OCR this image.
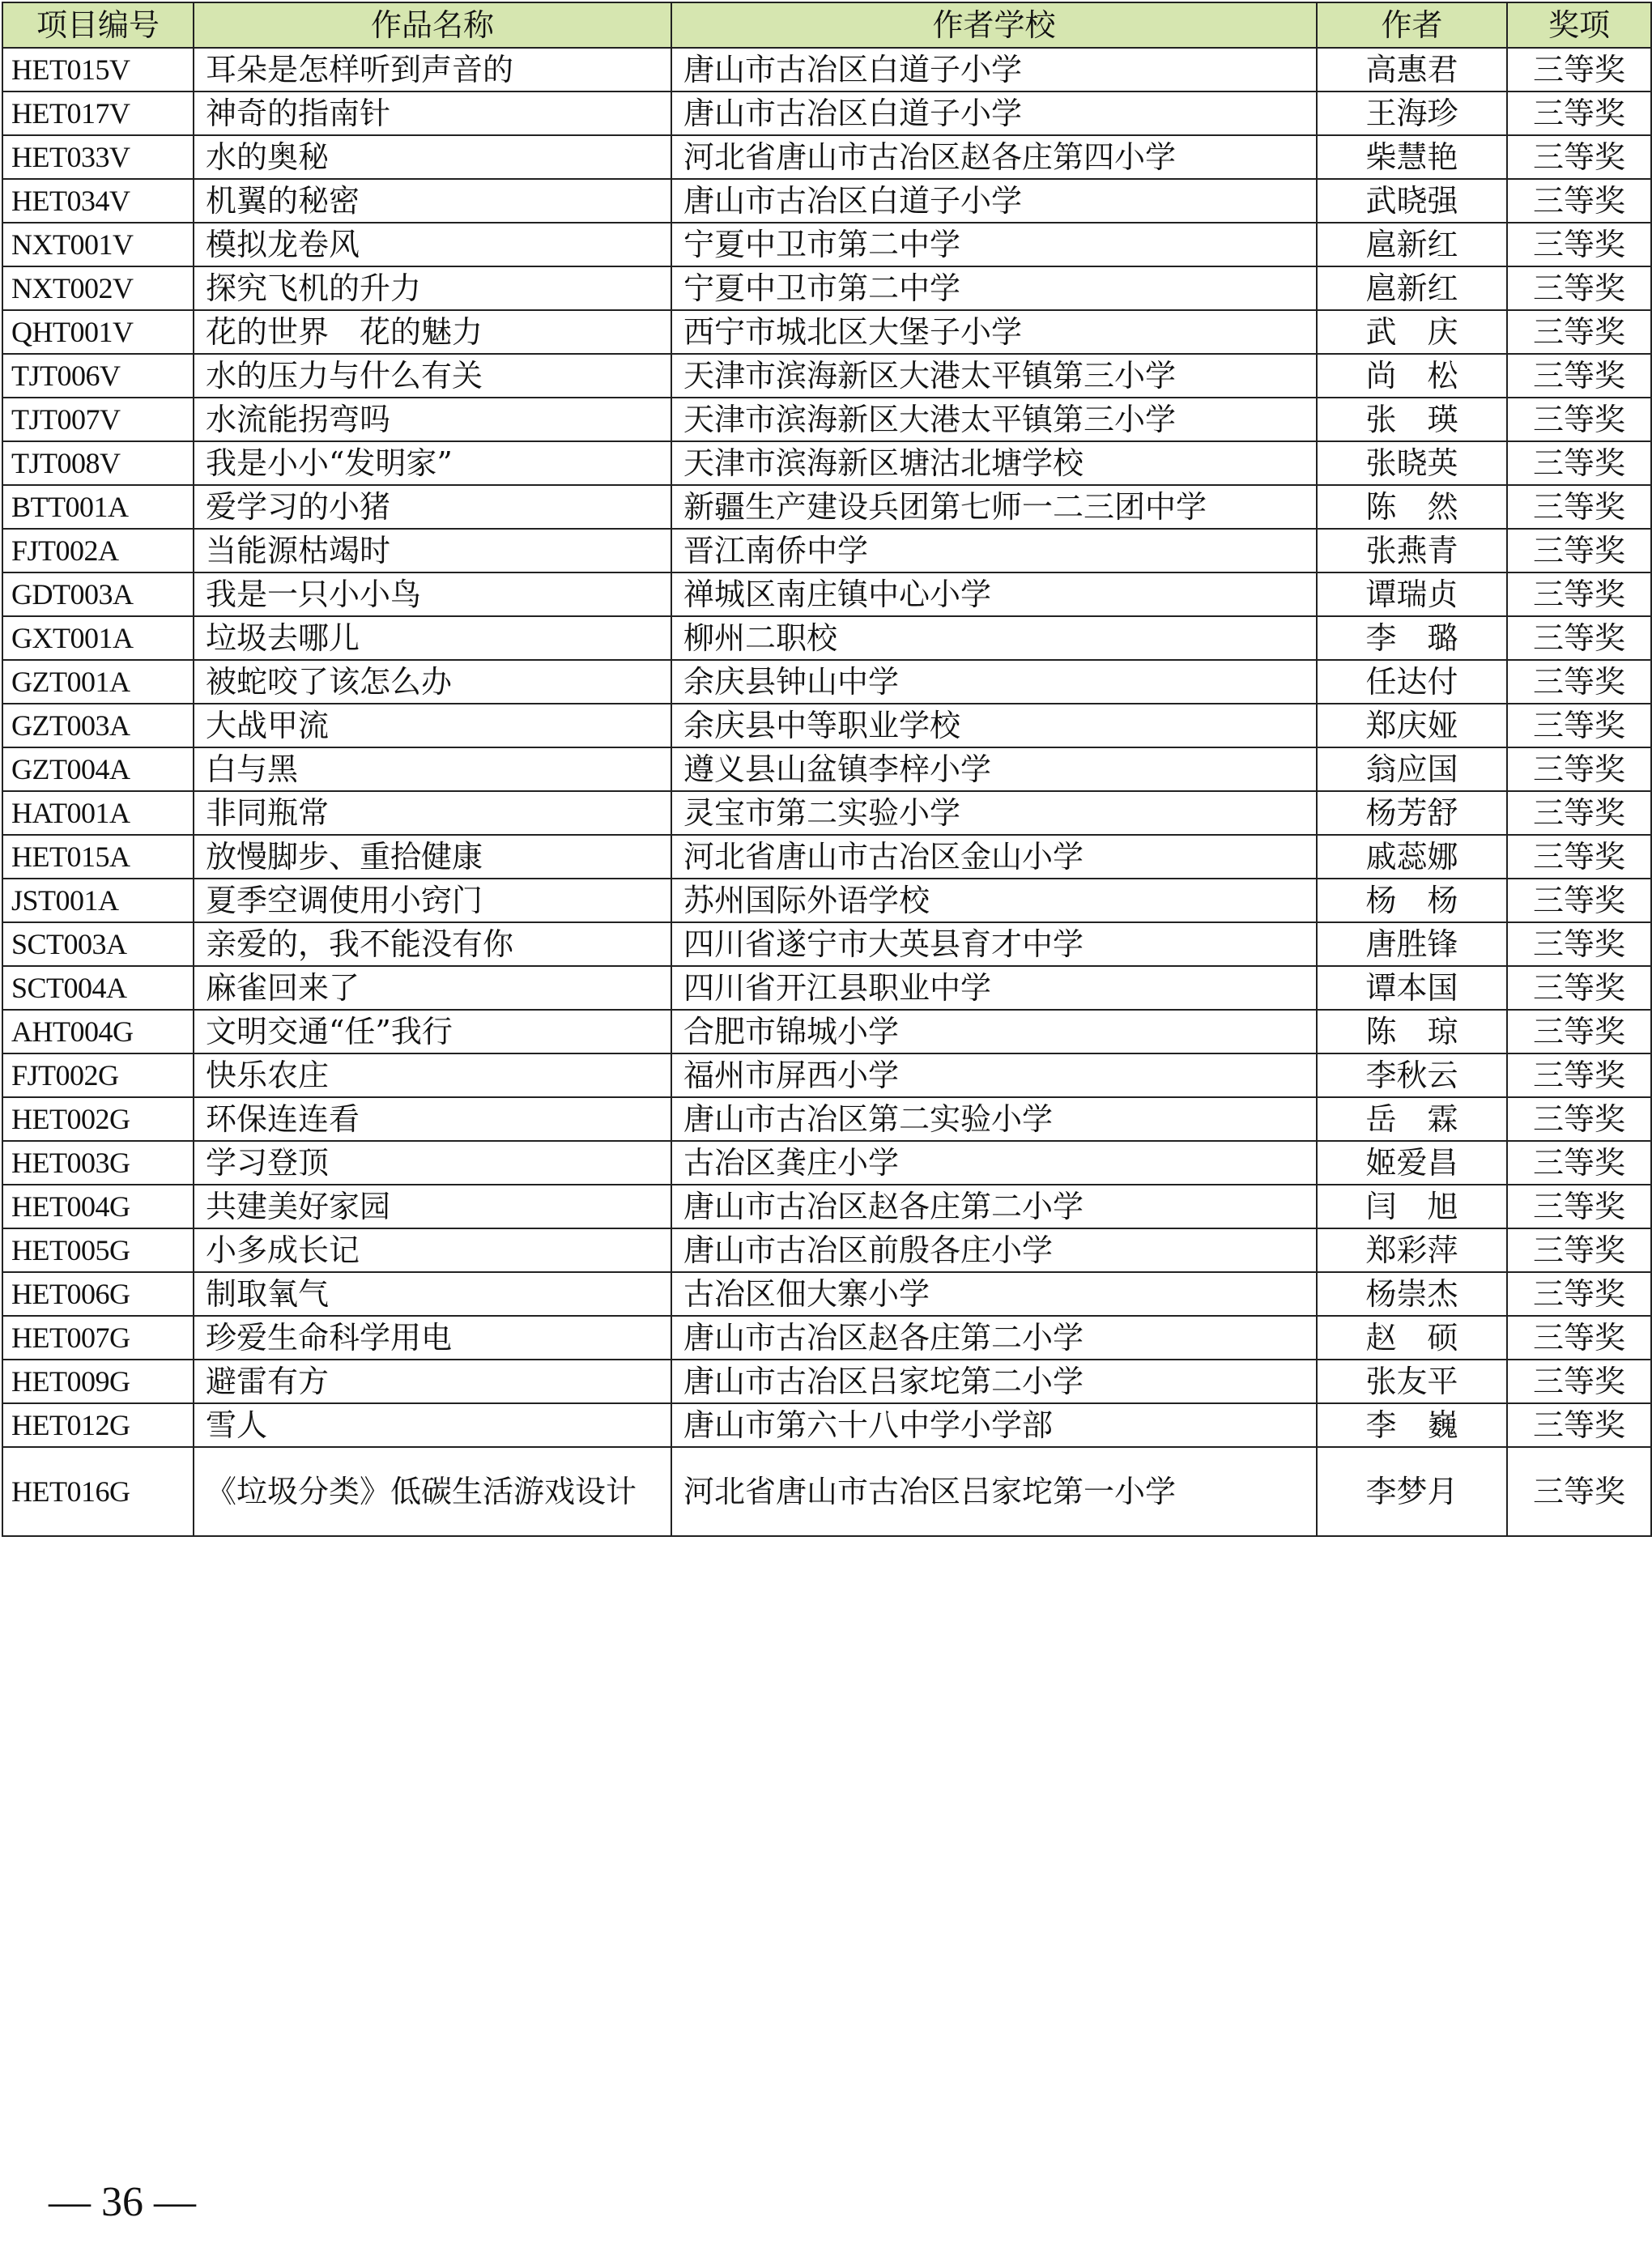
项目编号	作品名称	作者学校	作者	奖项
HET015V	耳朵是怎样听到声音的	唐山市古冶区白道子小学	高惠君	三等奖
HET017V	神奇的指南针	唐山市古冶区白道子小学	王海珍	三等奖
HET033V	水的奥秘	河北省唐山市古冶区赵各庄第四小学	柴慧艳	三等奖
HET034V	机翼的秘密	唐山市古冶区白道子小学	武晓强	三等奖
NXT001V	模拟龙卷风	宁夏中卫市第二中学	扈新红	三等奖
NXT002V	探究飞机的升力	宁夏中卫市第二中学	扈新红	三等奖
QHT001V	花的世界　花的魅力	西宁市城北区大堡子小学	武　庆	三等奖
TJT006V	水的压力与什么有关	天津市滨海新区大港太平镇第三小学	尚　松	三等奖
TJT007V	水流能拐弯吗	天津市滨海新区大港太平镇第三小学	张　瑛	三等奖
TJT008V	我是小小“发明家”	天津市滨海新区塘沽北塘学校	张晓英	三等奖
BTT001A	爱学习的小猪	新疆生产建设兵团第七师一二三团中学	陈　然	三等奖
FJT002A	当能源枯竭时	晋江南侨中学	张燕青	三等奖
GDT003A	我是一只小小鸟	禅城区南庄镇中心小学	谭瑞贞	三等奖
GXT001A	垃圾去哪儿	柳州二职校	李　璐	三等奖
GZT001A	被蛇咬了该怎么办	余庆县钟山中学	任达付	三等奖
GZT003A	大战甲流	余庆县中等职业学校	郑庆娅	三等奖
GZT004A	白与黑	遵义县山盆镇李梓小学	翁应国	三等奖
HAT001A	非同瓶常	灵宝市第二实验小学	杨芳舒	三等奖
HET015A	放慢脚步、重拾健康	河北省唐山市古冶区金山小学	戚蕊娜	三等奖
JST001A	夏季空调使用小窍门	苏州国际外语学校	杨　杨	三等奖
SCT003A	亲爱的，我不能没有你	四川省遂宁市大英县育才中学	唐胜锋	三等奖
SCT004A	麻雀回来了	四川省开江县职业中学	谭本国	三等奖
AHT004G	文明交通“任”我行	合肥市锦城小学	陈　琼	三等奖
FJT002G	快乐农庄	福州市屏西小学	李秋云	三等奖
HET002G	环保连连看	唐山市古冶区第二实验小学	岳　霖	三等奖
HET003G	学习登顶	古冶区龚庄小学	姬爱昌	三等奖
HET004G	共建美好家园	唐山市古冶区赵各庄第二小学	闫　旭	三等奖
HET005G	小多成长记	唐山市古冶区前殷各庄小学	郑彩萍	三等奖
HET006G	制取氧气	古冶区佃大寨小学	杨崇杰	三等奖
HET007G	珍爱生命科学用电	唐山市古冶区赵各庄第二小学	赵　硕	三等奖
HET009G	避雷有方	唐山市古冶区吕家坨第二小学	张友平	三等奖
HET012G	雪人	唐山市第六十八中学小学部	李　巍	三等奖
HET016G	《垃圾分类》低碳生活游戏设计	河北省唐山市古冶区吕家坨第一小学	李梦月	三等奖
— 36 —
